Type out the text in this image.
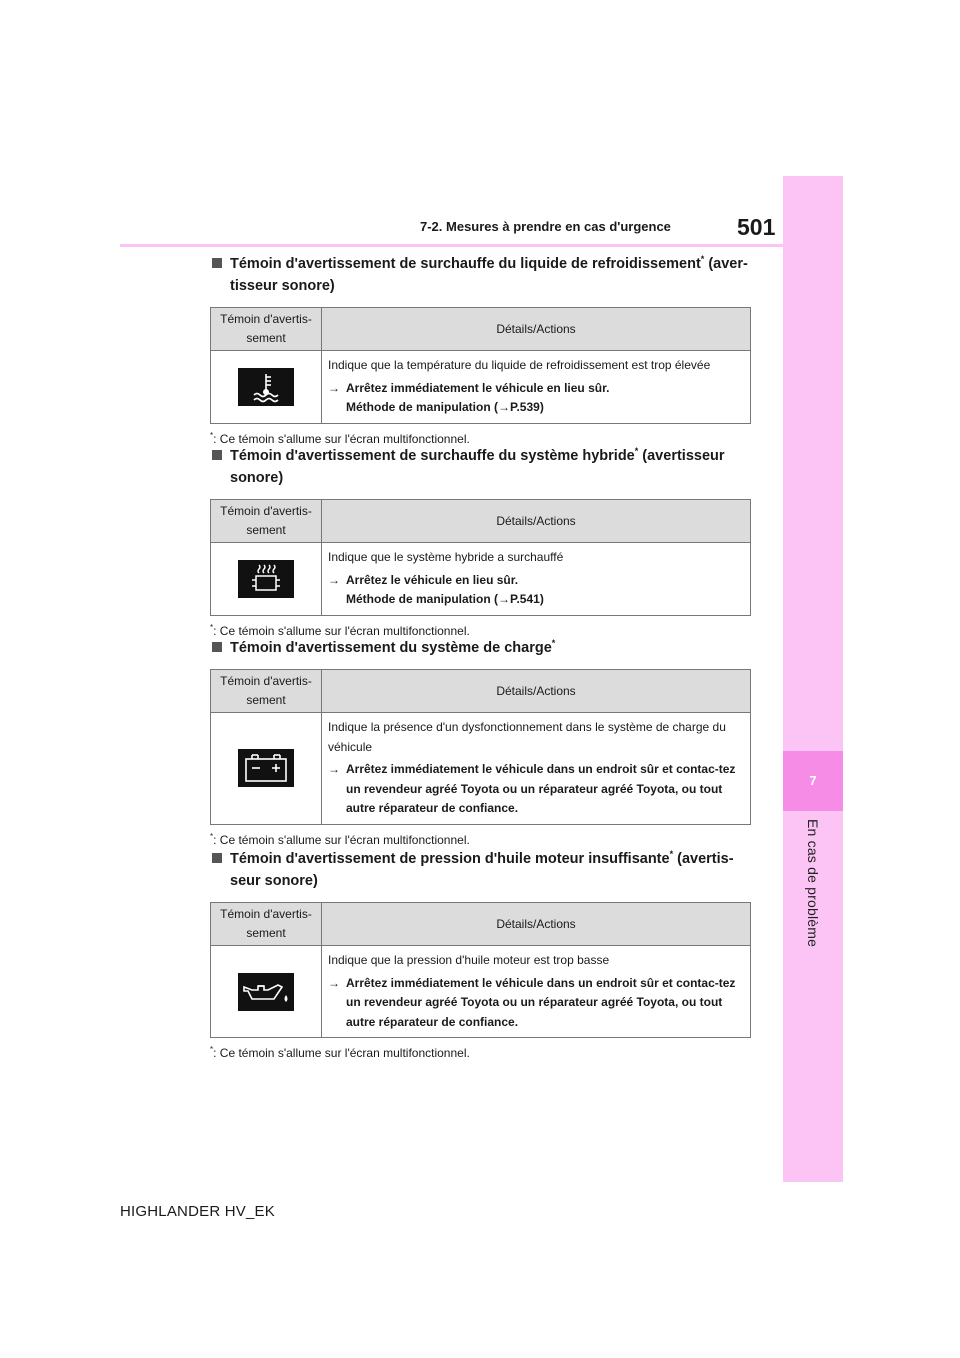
7
En cas de problème
7-2. Mesures à prendre en cas d'urgence	501
Témoin d'avertissement de surchauffe du liquide de refroidissement* (aver-tisseur sonore)
Témoin d'avertis-sement	Détails/Actions

Indique que la température du liquide de refroidissement est trop élevée
→ Arrêtez immédiatement le véhicule en lieu sûr.
Méthode de manipulation (→P.539)
*: Ce témoin s'allume sur l'écran multifonctionnel.
Témoin d'avertissement de surchauffe du système hybride* (avertisseur sonore)
Témoin d'avertis-sement	Détails/Actions

Indique que le système hybride a surchauffé
→ Arrêtez le véhicule en lieu sûr.
Méthode de manipulation (→P.541)
*: Ce témoin s'allume sur l'écran multifonctionnel.
Témoin d'avertissement du système de charge*
Témoin d'avertis-sement	Détails/Actions

Indique la présence d'un dysfonctionnement dans le système de charge du véhicule
→ Arrêtez immédiatement le véhicule dans un endroit sûr et contac-tez un revendeur agréé Toyota ou un réparateur agréé Toyota, ou tout autre réparateur de confiance.
*: Ce témoin s'allume sur l'écran multifonctionnel.
Témoin d'avertissement de pression d'huile moteur insuffisante* (avertis-seur sonore)
Témoin d'avertis-sement	Détails/Actions

Indique que la pression d'huile moteur est trop basse
→ Arrêtez immédiatement le véhicule dans un endroit sûr et contac-tez un revendeur agréé Toyota ou un réparateur agréé Toyota, ou tout autre réparateur de confiance.
*: Ce témoin s'allume sur l'écran multifonctionnel.
HIGHLANDER HV_EK
